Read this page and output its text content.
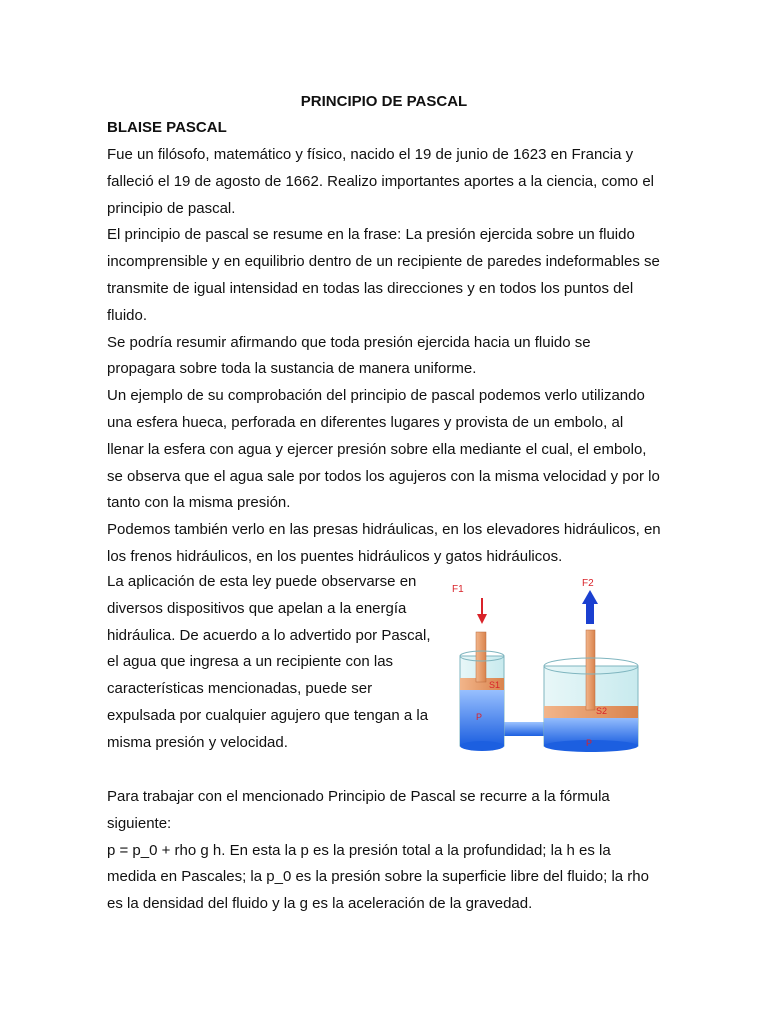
PRINCIPIO DE PASCAL
BLAISE PASCAL

Fue un filósofo, matemático y físico, nacido el 19 de junio de 1623 en Francia y falleció el 19 de agosto de 1662. Realizo importantes aportes a la ciencia, como el principio de pascal.

El principio de pascal se resume en la frase: La presión ejercida sobre un fluido incomprensible y en equilibrio dentro de un recipiente de paredes indeformables se transmite de igual intensidad en todas las direcciones y en todos los puntos del fluido.

Se podría resumir afirmando que toda presión ejercida hacia un fluido se propagara sobre toda la sustancia de manera uniforme.

Un ejemplo de su comprobación del principio de pascal podemos verlo utilizando una esfera hueca, perforada en diferentes lugares y provista de un embolo, al llenar la esfera con agua y ejercer presión sobre ella mediante el cual, el embolo, se observa que el agua sale por todos los agujeros con la misma velocidad y por lo tanto con la misma presión.

Podemos también verlo en las presas hidráulicas, en los elevadores hidráulicos, en los frenos hidráulicos, en los puentes hidráulicos y gatos hidráulicos.

La aplicación de esta ley puede observarse en diversos dispositivos que apelan a la energía hidráulica. De acuerdo a lo advertido por Pascal, el agua que ingresa a un recipiente con las características mencionadas, puede ser expulsada por cualquier agujero que tengan a la misma presión y velocidad.

F1
F2
S1
S2
P
P

Para trabajar con el mencionado Principio de Pascal se recurre a la fórmula siguiente:

p = p_0 + rho g h. En esta la p es la presión total a la profundidad; la h es la medida en Pascales; la p_0 es la presión sobre la superficie libre del fluido; la rho es la densidad del fluido y la g es la aceleración de la gravedad.
